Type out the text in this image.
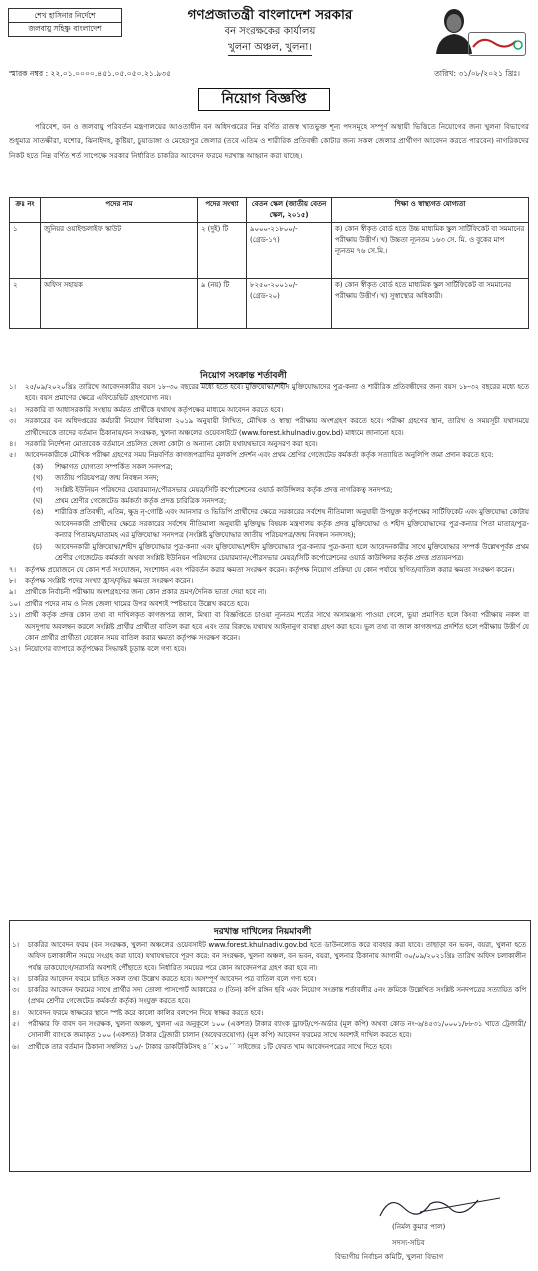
শেখ হাসিনার নির্দেশে
জলবায়ু সহিষ্ণু বাংলাদেশ
গণপ্রজাতন্ত্রী বাংলাদেশ সরকার
বন সংরক্ষকের কার্যালয়
খুলনা অঞ্চল, খুলনা।
স্মারক নম্বর : ২২.০১.০০০০.৪৫১.০৫.০৫০.২১.৯৩৫	তারিখ: ৩১/০৮/২০২১ খ্রিঃ।
নিয়োগ বিজ্ঞপ্তি
পরিবেশ, বন ও জলবায়ু পরিবর্তন মন্ত্রণালয়ের আওতাধীন বন অধিদপ্তরের নিম্ন বর্ণিত রাজস্ব খাতভুক্ত শূন্য পদসমূহে সম্পূর্ণ অস্থায়ী ভিত্তিতে নিয়োগের জন্য খুলনা বিভাগের শুধুমাত্র সাতক্ষীরা, যশোর, ঝিনাইদহ, কুষ্টিয়া, চুয়াডাঙ্গা ও মেহেরপুর জেলার (তবে এতিম ও শারীরিক প্রতিবন্ধী কোটার জন্য সকল জেলার প্রার্থীগণ আবেদন করতে পারবেন) নাগরিকদের নিকট হতে নিম্ন বর্ণিত শর্ত সাপেক্ষে সরকার নির্ধারিত চাকরির আবেদন ফরমে দরখাস্ত আহ্বান করা যাচ্ছে।
ক্রঃ নং	পদের নাম	পদের সংখ্যা	বেতন স্কেল (জাতীয় বেতন স্কেল, ২০১৫)	শিক্ষা ও স্বাস্থ্যগত যোগ্যতা
১	জুনিয়র ওয়াইল্ডলাইফ স্কাউট	২ (দুই) টি	৯০০০-২১৮০০/- (গ্রেড-১৭)	ক) কোন স্বীকৃত বোর্ড হতে উচ্চ মাধ্যমিক স্কুল সার্টিফিকেট বা সমমানের পরীক্ষায় উত্তীর্ণ। খ) উচ্চতা ন্যূনতম ১৬৩ সে. মি. ও বুকের মাপ ন্যূনতম ৭৬ সে.মি.।
২	অফিস সহায়ক	৯ (নয়) টি	৮২৫০-২০০১০/- (গ্রেড-২০)	ক) কোন স্বীকৃত বোর্ড হতে মাধ্যমিক স্কুল সার্টিফিকেট বা সমমানের পরীক্ষায় উত্তীর্ণ। খ) সুস্বাস্থ্যের অধিকারী।
নিয়োগ সংক্রান্ত শর্তাবলী
১।	২৫/০৯/২০২০খ্রিঃ তারিখে আবেদনকারীর বয়স ১৮-৩০ বছরের মধ্যে হতে হবে। মুক্তিযোদ্ধা/শহীদ মুক্তিযোদ্ধাদের পুত্র-কন্যা ও শারীরিক প্রতিবন্ধীদের জন্য বয়স ১৮-৩২ বছরের মধ্যে হতে হবে। বয়স প্রমাণের ক্ষেত্রে এফিডেভিট গ্রহণযোগ্য নয়।
২।	সরকারি বা আধাসরকারি সংস্থায় কর্মরত প্রার্থীকে যথাযথ কর্তৃপক্ষের মাধ্যমে আবেদন করতে হবে।
৩।	সরকারের বন অধিদপ্তরের কর্মচারী নিয়োগ বিধিমালা ২০১৯ অনুযায়ী লিখিত, মৌখিক ও স্বাস্থ্য পরীক্ষায় অংশগ্রহণ করতে হবে। পরীক্ষা গ্রহণের স্থান, তারিখ ও সময়সূচী যথাসময়ে প্রার্থীদেরকে তাদের বর্তমান ঠিকানায়/বন সংরক্ষক, খুলনা অঞ্চলের ওয়েবসাইটে (www.forest.khulnadiv.gov.bd) মাধ্যমে জানানো হবে।
৪।	সরকারি নির্দেশনা মোতাবেক বর্তমানে প্রচলিত জেলা কোটা ও অন্যান্য কোটা যথাযথভাবে অনুসরণ করা হবে।
৫।	আবেদনকারীকে মৌখিক পরীক্ষা গ্রহণের সময় নিম্নবর্ণিত কাগজপত্রাদির মূলকপি প্রদর্শন এবং প্রথম শ্রেণির গেজেটেড কর্মকর্তা কর্তৃক সত্যায়িত অনুলিপি জমা প্রদান করতে হবে:
(ক)	শিক্ষাগত যোগ্যতা সম্পর্কিত সকল সনদপত্র;
(খ)	জাতীয় পরিচয়পত্র/ জন্ম নিবন্ধন সনদ;
(গ)	সংশ্লিষ্ট ইউনিয়ন পরিষদের চেয়ারম্যান/পৌরসভার মেয়র/সিটি কর্পোরেশনের ওয়ার্ড কাউন্সিলর কর্তৃক প্রদত্ত নাগরিকত্ব সনদপত্র;
(ঘ)	প্রথম শ্রেণীর গেজেটেড কর্মকর্তা কর্তৃক প্রদত্ত চারিত্রিক সনদপত্র;
(ঙ)	শারীরিক প্রতিবন্ধী, এতিম, ক্ষুদ্র নৃ-গোষ্ঠি এবং আনসার ও ভিডিপি প্রার্থীদের ক্ষেত্রে সরকারের সর্বশেষ নীতিমালা অনুযায়ী উপযুক্ত কর্তৃপক্ষের সার্টিফিকেট এবং মুক্তিযোদ্ধা কোটায় আবেদনকারী প্রার্থীদের ক্ষেত্রে সরকারের সর্বশেষ নীতিমালা অনুযায়ী মুক্তিযুদ্ধ বিষয়ক মন্ত্রণালয় কর্তৃক প্রদত্ত মুক্তিযোদ্ধা ও শহীদ মুক্তিযোদ্ধাদের পুত্র-কন্যার পিতা মাতার/পুত্র-কন্যার পিতামহ/মাতামহ এর মুক্তিযোদ্ধা সনদপত্র (সংশ্লিষ্ট মুক্তিযোদ্ধার জাতীয় পরিচয়পত্র/জন্ম নিবন্ধন সনদসহ);
(চ)	আবেদনকারী মুক্তিযোদ্ধা/শহীদ মুক্তিযোদ্ধার পুত্র-কন্যা এবং মুক্তিযোদ্ধা/শহীদ মুক্তিযোদ্ধার পুত্র-কন্যার পুত্র-কন্যা হলে আবেদনকারীর সাথে মুক্তিযোদ্ধার সম্পর্ক উল্লেখপূর্বক প্রথম শ্রেণীর গেজেটেড কর্মকর্তা অথবা সংশ্লিষ্ট ইউনিয়ন পরিষদের চেয়ারম্যান/পৌরসভার মেয়র/সিটি কর্পোরেশনের ওয়ার্ড কাউন্সিলর কর্তৃক প্রদত্ত প্রত্যয়নপত্র।
৭।	কর্তৃপক্ষ প্রয়োজনে যে কোন শর্ত সংযোজন, সংশোধন এবং পরিবর্তন করার ক্ষমতা সংরক্ষণ করেন। কর্তৃপক্ষ নিয়োগ প্রক্রিয়া যে কোন পর্যায়ে স্থগিত/বাতিল করার ক্ষমতা সংরক্ষণ করেন।
৮।	কর্তৃপক্ষ সংশ্লিষ্ট পদের সংখ্যা হ্রাস/বৃদ্ধির ক্ষমতা সংরক্ষণ করেন।
৯।	প্রার্থীকে নির্বাচনী পরীক্ষায় অংশগ্রহণের জন্য কোন প্রকার ভ্রমণ/দৈনিক ভাতা দেয়া হবে না।
১০। প্রার্থীর পদের নাম ও নিজ জেলা খামের উপর অবশ্যই স্পষ্টভাবে উল্লেখ করতে হবে।
১১। প্রার্থী কর্তৃক প্রদত্ত কোন তথ্য বা দাখিলকৃত কাগজপত্র জাল, মিথ্যা বা বিজ্ঞপ্তিতে চাওয়া ন্যূনতম শর্তের সাথে অসামঞ্জস্য পাওয়া গেলে, ভুয়া প্রমাণিত হলে কিংবা পরীক্ষায় নকল বা অসদুপায় অবলম্বন করলে সংশ্লিষ্ট প্রার্থীর প্রার্থীতা বাতিল করা হবে এবং তার বিরুদ্ধে যথাযথ আইনানুগ ব্যবস্থা গ্রহণ করা হবে। ভুল তথ্য বা জাল কাগজপত্র প্রদর্শিত হলে পরীক্ষায় উত্তীর্ণ যে কোন প্রার্থীর প্রার্থীতা যেকোন সময় বাতিল করার ক্ষমতা কর্তৃপক্ষ সংরক্ষণ করেন।
১২। নিয়োগের ব্যাপারে কর্তৃপক্ষের সিদ্ধান্তই চূড়ান্ত বলে গণ্য হবে।
দরখাস্ত দাখিলের নিয়মাবলী
১।	চাকরির আবেদন ফরম (বন সংরক্ষক, খুলনা অঞ্চলের ওয়েবসাইট www.forest.khulnadiv.gov.bd হতে ডাউনলোড করে ব্যবহার করা যাবে। তাছাড়া বন ভবন, বয়রা, খুলনা হতে অফিস চলাকালীন সময়ে সংগ্রহ করা যাবে) যথাযথভাবে পূরণ করে: বন সংরক্ষক, খুলনা অঞ্চল, বন ভবন, বয়রা, খুলনার ঠিকানায় আগামী ৩০/০৯/২০২১খ্রিঃ তারিখ অফিস চলাকালীন পর্যন্ত ডাকযোগে/সরাসরি অবশ্যই পৌঁছাতে হবে। নির্ধারিত সময়ের পরে কোন আবেদনপত্র গ্রহণ করা হবে না।
২।	চাকরির আবেদন ফরমে চাহিত সকল তথ্য উল্লেখ করতে হবে। অসম্পূর্ণ আবেদন পত্র বাতিল বলে গণ্য হবে।
৩।	চাকরির আবেদন ফরমের সাথে প্রার্থীর সদ্য তোলা পাসপোর্ট আকারের ৩ (তিন) কপি রঙ্গিন ছবি এবং নিয়োগ সংক্রান্ত শর্তাবলীর ৫নং ক্রমিকে উল্লেখিত সংশ্লিষ্ট সনদপত্রের সত্যায়িত কপি (প্রথম শ্রেণীর গেজেটেড কর্মকর্তা কর্তৃক) সংযুক্ত করতে হবে।
৪।	আবেদন ফরমে স্বাক্ষরের স্থানে স্পষ্ট করে কালো কালির বলপেন দিয়ে স্বাক্ষর করতে হবে।
৫।	পরীক্ষার ফি বাবদ বন সংরক্ষক, খুলনা অঞ্চল, খুলনা এর অনুকূলে ১০০ (একশত) টাকার ব্যাংক ড্রাফট/পে-অর্ডার (মূল কপি) অথবা কোড নং-৬/৪৫৩১/০০০১/৮৮৩১ খাতে ট্রেজারী/সোনালী ব্যাংকে জমাকৃত ১০০ (একশত) টাকার ট্রেজারী চালান (অফেরতযোগ্য) (মূল কপি) আবেদন ফরমের সাথে অবশ্যই দাখিল করতে হবে।
৬।	প্রার্থীকে তার বর্তমান ঠিকানা সম্বলিত ১০/- টাকার ডাকটিকিটসহ ৪´´×১০´´ সাইজের ১টি ফেরত খাম আবেদনপত্রের সাথে দিতে হবে।
(নির্মল কুমার পাল)
সদস্য-সচিব
বিভাগীয় নির্বাচন কমিটি, খুলনা বিভাগ
